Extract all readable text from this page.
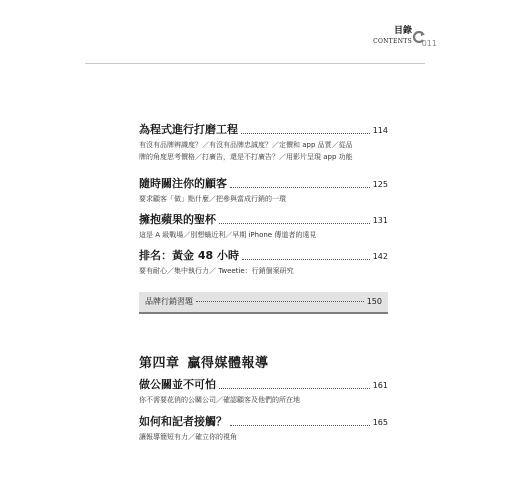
目錄
CONTENTS 011
為程式進行打磨工程	114
有沒有品牌辨識度？／有沒有品牌忠誠度？／定價和 app 品質／從品
牌的角度思考價格／打廣告，還是不打廣告？／用影片呈現 app 功能
隨時關注你的顧客	125
要求顧客「做」點什麼／把參與當成行銷的一環
擁抱蘋果的聖杯	131
這是 A 級戰場／別想蝸近利／早期 iPhone 傳道者的遠見
排名：黃金 48 小時	142
要有耐心／集中執行力／ Tweetie：行銷個案研究
品牌行銷習題	150
第四章 贏得媒體報導
做公關並不可怕	161
你不需要花俏的公關公司／確認顧客及他們的所在地
如何和記者接觸？	165
讓報導簡短有力／確立你的視角
